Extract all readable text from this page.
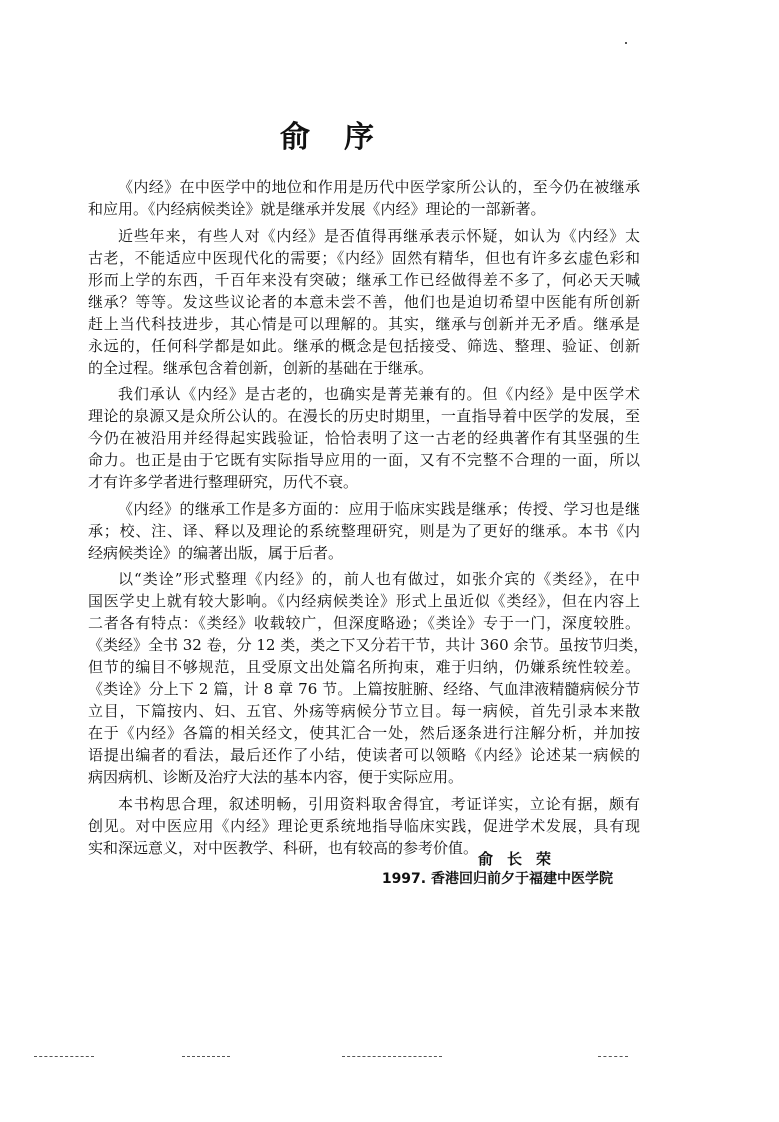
俞序
《内经》在中医学中的地位和作用是历代中医学家所公认的，至今仍在被继承
和应用。《内经病候类诠》就是继承并发展《内经》理论的一部新著。
近些年来，有些人对《内经》是否值得再继承表示怀疑，如认为《内经》太
古老，不能适应中医现代化的需要；《内经》固然有精华，但也有许多玄虚色彩和
形而上学的东西，千百年来没有突破；继承工作已经做得差不多了，何必天天喊
继承？等等。发这些议论者的本意未尝不善，他们也是迫切希望中医能有所创新
赶上当代科技进步，其心情是可以理解的。其实，继承与创新并无矛盾。继承是
永远的，任何科学都是如此。继承的概念是包括接受、筛选、整理、验证、创新
的全过程。继承包含着创新，创新的基础在于继承。
我们承认《内经》是古老的，也确实是菁芜兼有的。但《内经》是中医学术
理论的泉源又是众所公认的。在漫长的历史时期里，一直指导着中医学的发展，至
今仍在被沿用并经得起实践验证，恰恰表明了这一古老的经典著作有其坚强的生
命力。也正是由于它既有实际指导应用的一面，又有不完整不合理的一面，所以
才有许多学者进行整理研究，历代不衰。
《内经》的继承工作是多方面的：应用于临床实践是继承；传授、学习也是继
承；校、注、译、释以及理论的系统整理研究，则是为了更好的继承。本书《内
经病候类诠》的编著出版，属于后者。
以“类诠”形式整理《内经》的，前人也有做过，如张介宾的《类经》，在中
国医学史上就有较大影响。《内经病候类诠》形式上虽近似《类经》，但在内容上
二者各有特点：《类经》收载较广，但深度略逊；《类诠》专于一门，深度较胜。
《类经》全书 32 卷，分 12 类，类之下又分若干节，共计 360 余节。虽按节归类，
但节的编目不够规范，且受原文出处篇名所拘束，难于归纳，仍嫌系统性较差。
《类诠》分上下 2 篇，计 8 章 76 节。上篇按脏腑、经络、气血津液精髓病候分节
立目，下篇按内、妇、五官、外疡等病候分节立目。每一病候，首先引录本来散
在于《内经》各篇的相关经文，使其汇合一处，然后逐条进行注解分析，并加按
语提出编者的看法，最后还作了小结，使读者可以领略《内经》论述某一病候的
病因病机、诊断及治疗大法的基本内容，便于实际应用。
本书构思合理，叙述明畅，引用资料取舍得宜，考证详实，立论有据，颇有
创见。对中医应用《内经》理论更系统地指导临床实践，促进学术发展，具有现
实和深远意义，对中医教学、科研，也有较高的参考价值。
俞长荣
1997. 香港回归前夕于福建中医学院
